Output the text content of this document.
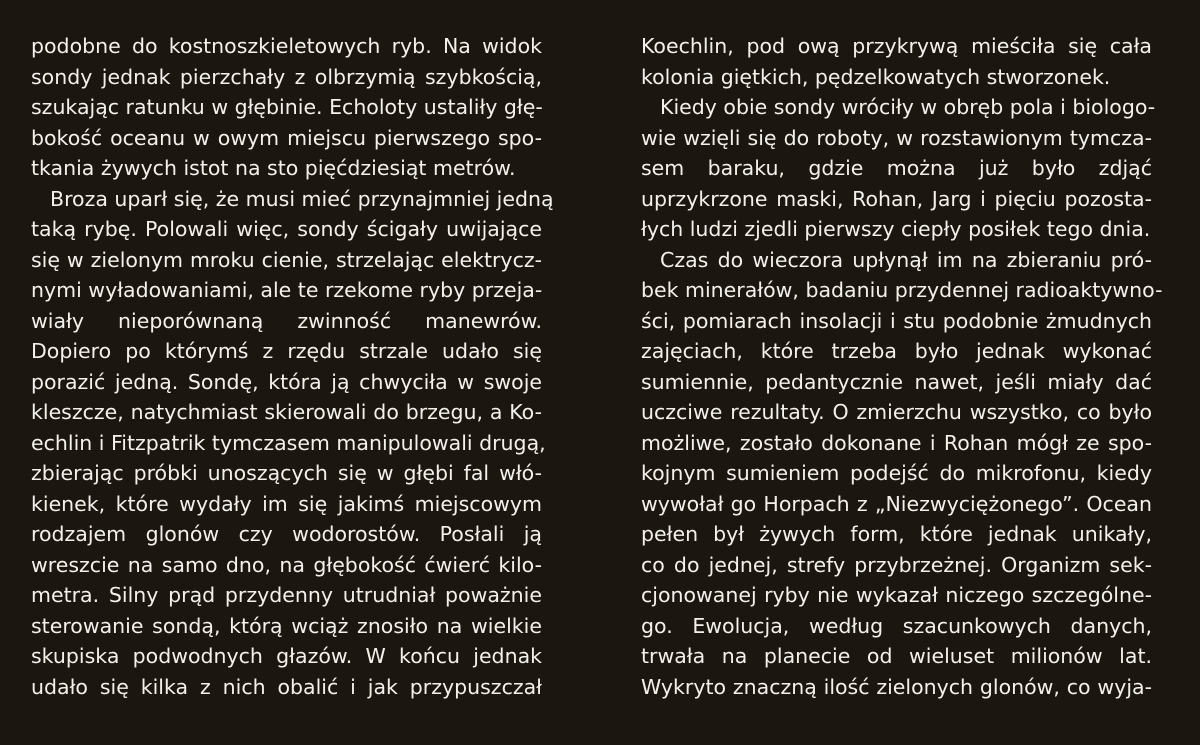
podobne do kostnoszkieletowych ryb. Na widok
sondy jednak pierzchały z olbrzymią szybkością,
szukając ratunku w głębinie. Echoloty ustaliły głę-
bokość oceanu w owym miejscu pierwszego spo-
tkania żywych istot na sto pięćdziesiąt metrów.
Broza uparł się, że musi mieć przynajmniej jedną
taką rybę. Polowali więc, sondy ścigały uwijające
się w zielonym mroku cienie, strzelając elektrycz-
nymi wyładowaniami, ale te rzekome ryby przeja-
wiały nieporównaną zwinność manewrów.
Dopiero po którymś z rzędu strzale udało się
porazić jedną. Sondę, która ją chwyciła w swoje
kleszcze, natychmiast skierowali do brzegu, a Ko-
echlin i Fitzpatrik tymczasem manipulowali drugą,
zbierając próbki unoszących się w głębi fal włó-
kienek, które wydały im się jakimś miejscowym
rodzajem glonów czy wodorostów. Posłali ją
wreszcie na samo dno, na głębokość ćwierć kilo-
metra. Silny prąd przydenny utrudniał poważnie
sterowanie sondą, którą wciąż znosiło na wielkie
skupiska podwodnych głazów. W końcu jednak
udało się kilka z nich obalić i jak przypuszczał
Koechlin, pod ową przykrywą mieściła się cała
kolonia giętkich, pędzelkowatych stworzonek.
Kiedy obie sondy wróciły w obręb pola i biologo-
wie wzięli się do roboty, w rozstawionym tymcza-
sem baraku, gdzie można już było zdjąć
uprzykrzone maski, Rohan, Jarg i pięciu pozosta-
łych ludzi zjedli pierwszy ciepły posiłek tego dnia.
Czas do wieczora upłynął im na zbieraniu pró-
bek minerałów, badaniu przydennej radioaktywno-
ści, pomiarach insolacji i stu podobnie żmudnych
zajęciach, które trzeba było jednak wykonać
sumiennie, pedantycznie nawet, jeśli miały dać
uczciwe rezultaty. O zmierzchu wszystko, co było
możliwe, zostało dokonane i Rohan mógł ze spo-
kojnym sumieniem podejść do mikrofonu, kiedy
wywołał go Horpach z „Niezwyciężonego”. Ocean
pełen był żywych form, które jednak unikały,
co do jednej, strefy przybrzeżnej. Organizm sek-
cjonowanej ryby nie wykazał niczego szczególne-
go. Ewolucja, według szacunkowych danych,
trwała na planecie od wieluset milionów lat.
Wykryto znaczną ilość zielonych glonów, co wyja-
